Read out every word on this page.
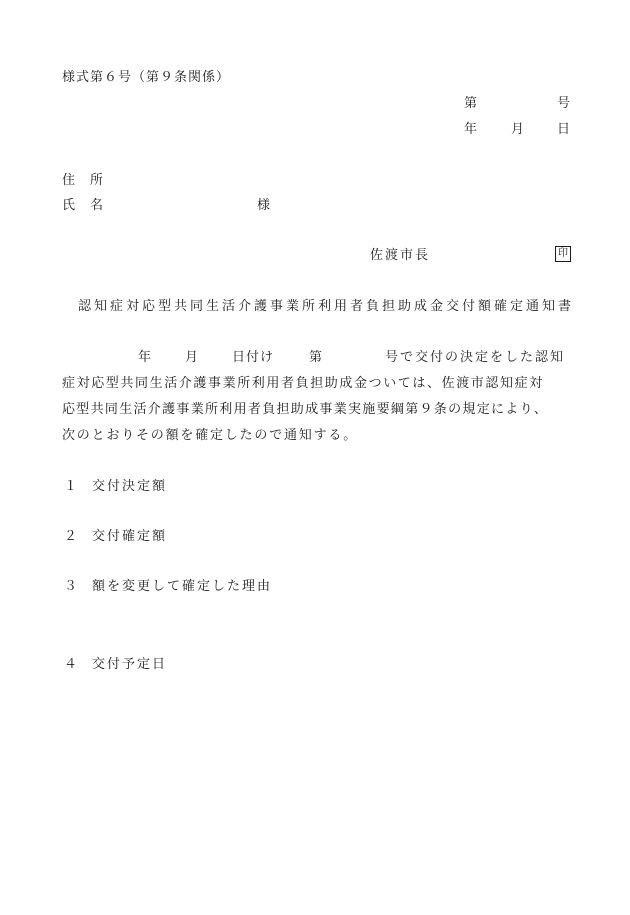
様式第６号（第９条関係）
第	号
年	月 日
住　所
氏　名	様
佐渡市長	印
認知症対応型共同生活介護事業所利用者負担助成金交付額確定通知書
年	月	日付け	第	号で交付の決定をした認知
症対応型共同生活介護事業所利用者負担助成金ついては、佐渡市認知症対
応型共同生活介護事業所利用者負担助成事業実施要綱第９条の規定により、
次のとおりその額を確定したので通知する。
１ 交付決定額
２ 交付確定額
３ 額を変更して確定した理由
４ 交付予定日
